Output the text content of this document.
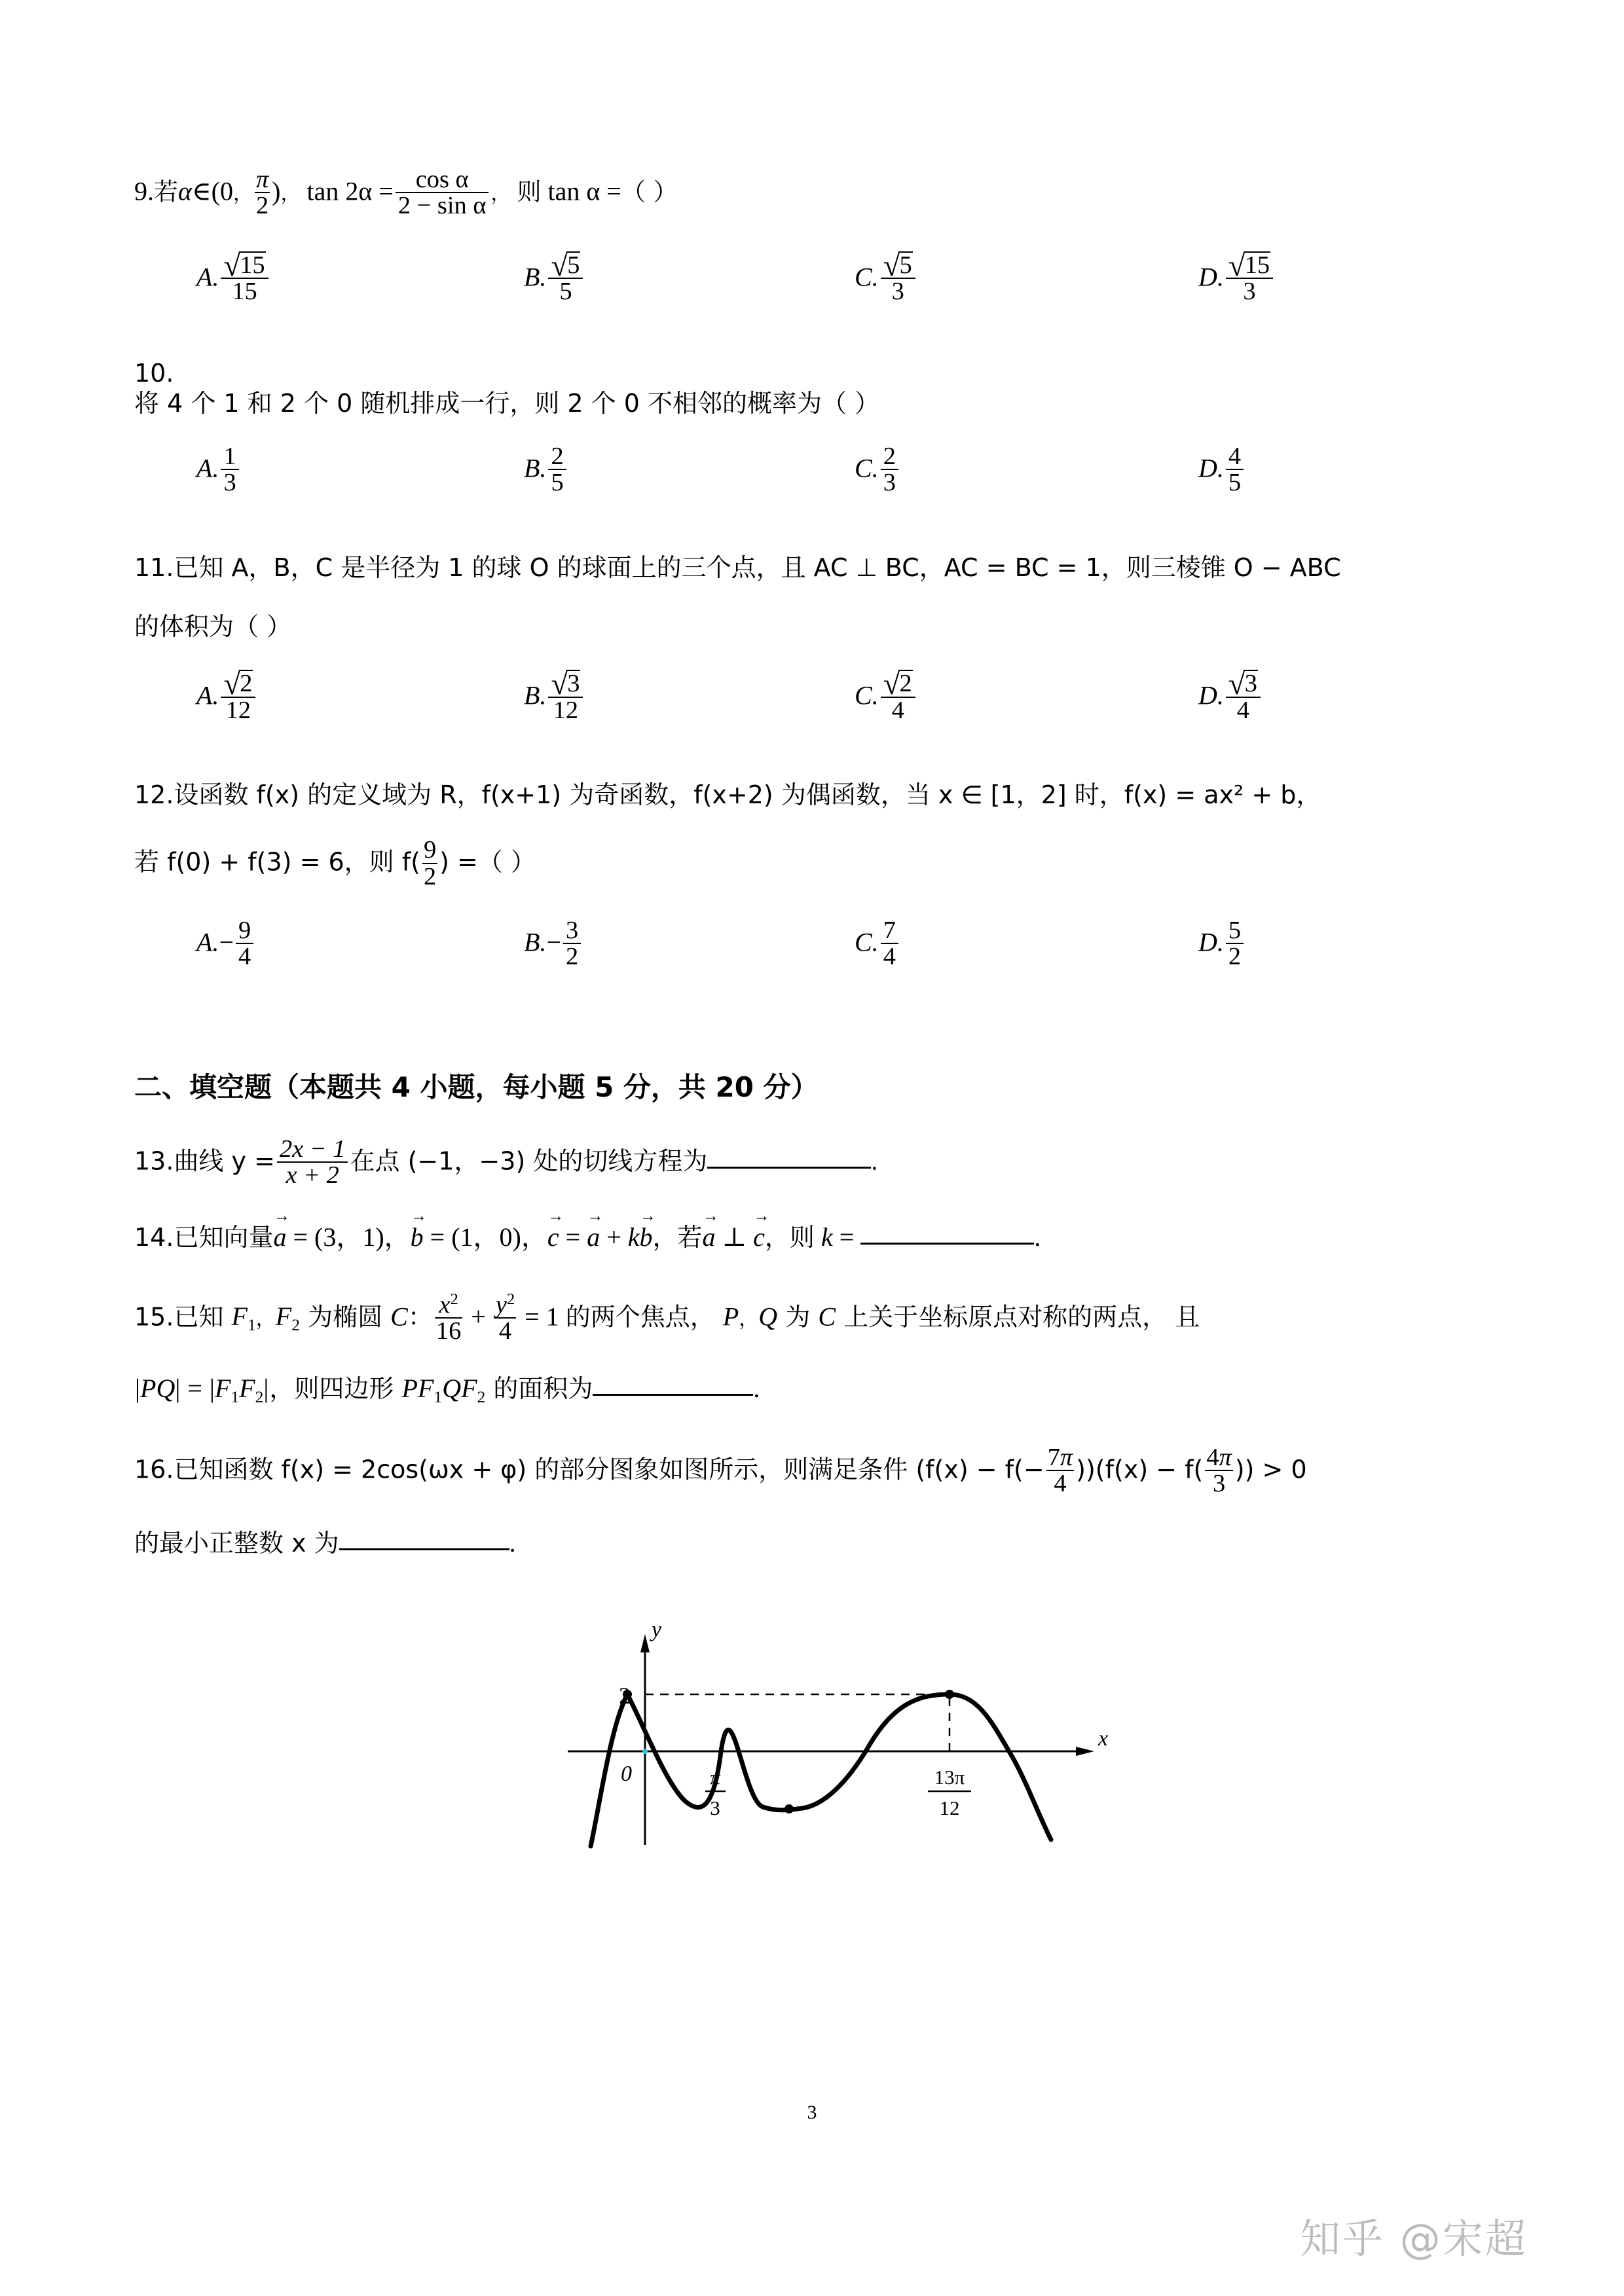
9.若α∈(0， $\frac{\pi}{2}$ )， $\tan 2\alpha = \frac{\text{cos α}}{\text{2 − sin α}}$ ， 则 tan α =（ ）
A. $\frac{√ 15}{15}$	B. $\frac{√ 5}{5}$	C. $\frac{√ 5}{3}$	D. $\frac{√ 15}{3}$
10.
将 4 个 1 和 2 个 0 随机排成一行，则 2 个 0 不相邻的概率为（ ）
A. $\frac{1}{3}$	B. $\frac{2}{5}$	C. $\frac{2}{3}$	D. $\frac{4}{5}$
11.已知 A，B，C 是半径为 1 的球 O 的球面上的三个点，且 AC ⊥ BC，AC = BC = 1，则三棱锥 O − ABC
的体积为（ ）
A. $\frac{√ 2}{12}$	B. $\frac{√ 3}{12}$	C. $\frac{√ 2}{4}$	D. $\frac{√ 3}{4}$
12.设函数 f(x) 的定义域为 R，f(x+1) 为奇函数，f(x+2) 为偶函数，当 x ∈ [1，2] 时，f(x) = ax² + b，
若 f(0) + f(3) = 6，则 $f( \frac{9}{2}$ ) =（ ）
$A.- \frac{9}{4}$	$B.- \frac{3}{2}$	C. $\frac{7}{4}$	D. $\frac{5}{2}$
二、填空题（本题共 4 小题，每小题 5 分，共 20 分）
13.曲线 $y = \frac{2x - 1}{x + 2}$ 在点 (−1，−3) 处的切线方程为	.
14.已知向量a
→
= (3，1)，b
→
= (1，0)，c
→
= a
→
+ kb
→
，若a
→
⊥ c
→
，则 k =	.
15.已知 $F_1$，$F_2$ 为椭圆 C： $\frac{x^2}{16} + \frac{y^2}{4} = 1$ 的两个焦点， P，Q 为 C 上关于坐标原点对称的两点， 且
$|PQ| = |F_1F_2|$，则四边形 $PF_1QF_2$ 的面积为	.
16.已知函数 f(x) = 2cos(ωx + φ) 的部分图象如图所示，则满足条件 $(f(x) - f(- \frac{7\pi}{4} ))(f(x) - f( \frac{4\pi}{3}$ )) > 0
的最小正整数 x 为	.
y
x
0
2
π
3
13π
12
3
知乎 @宋超
